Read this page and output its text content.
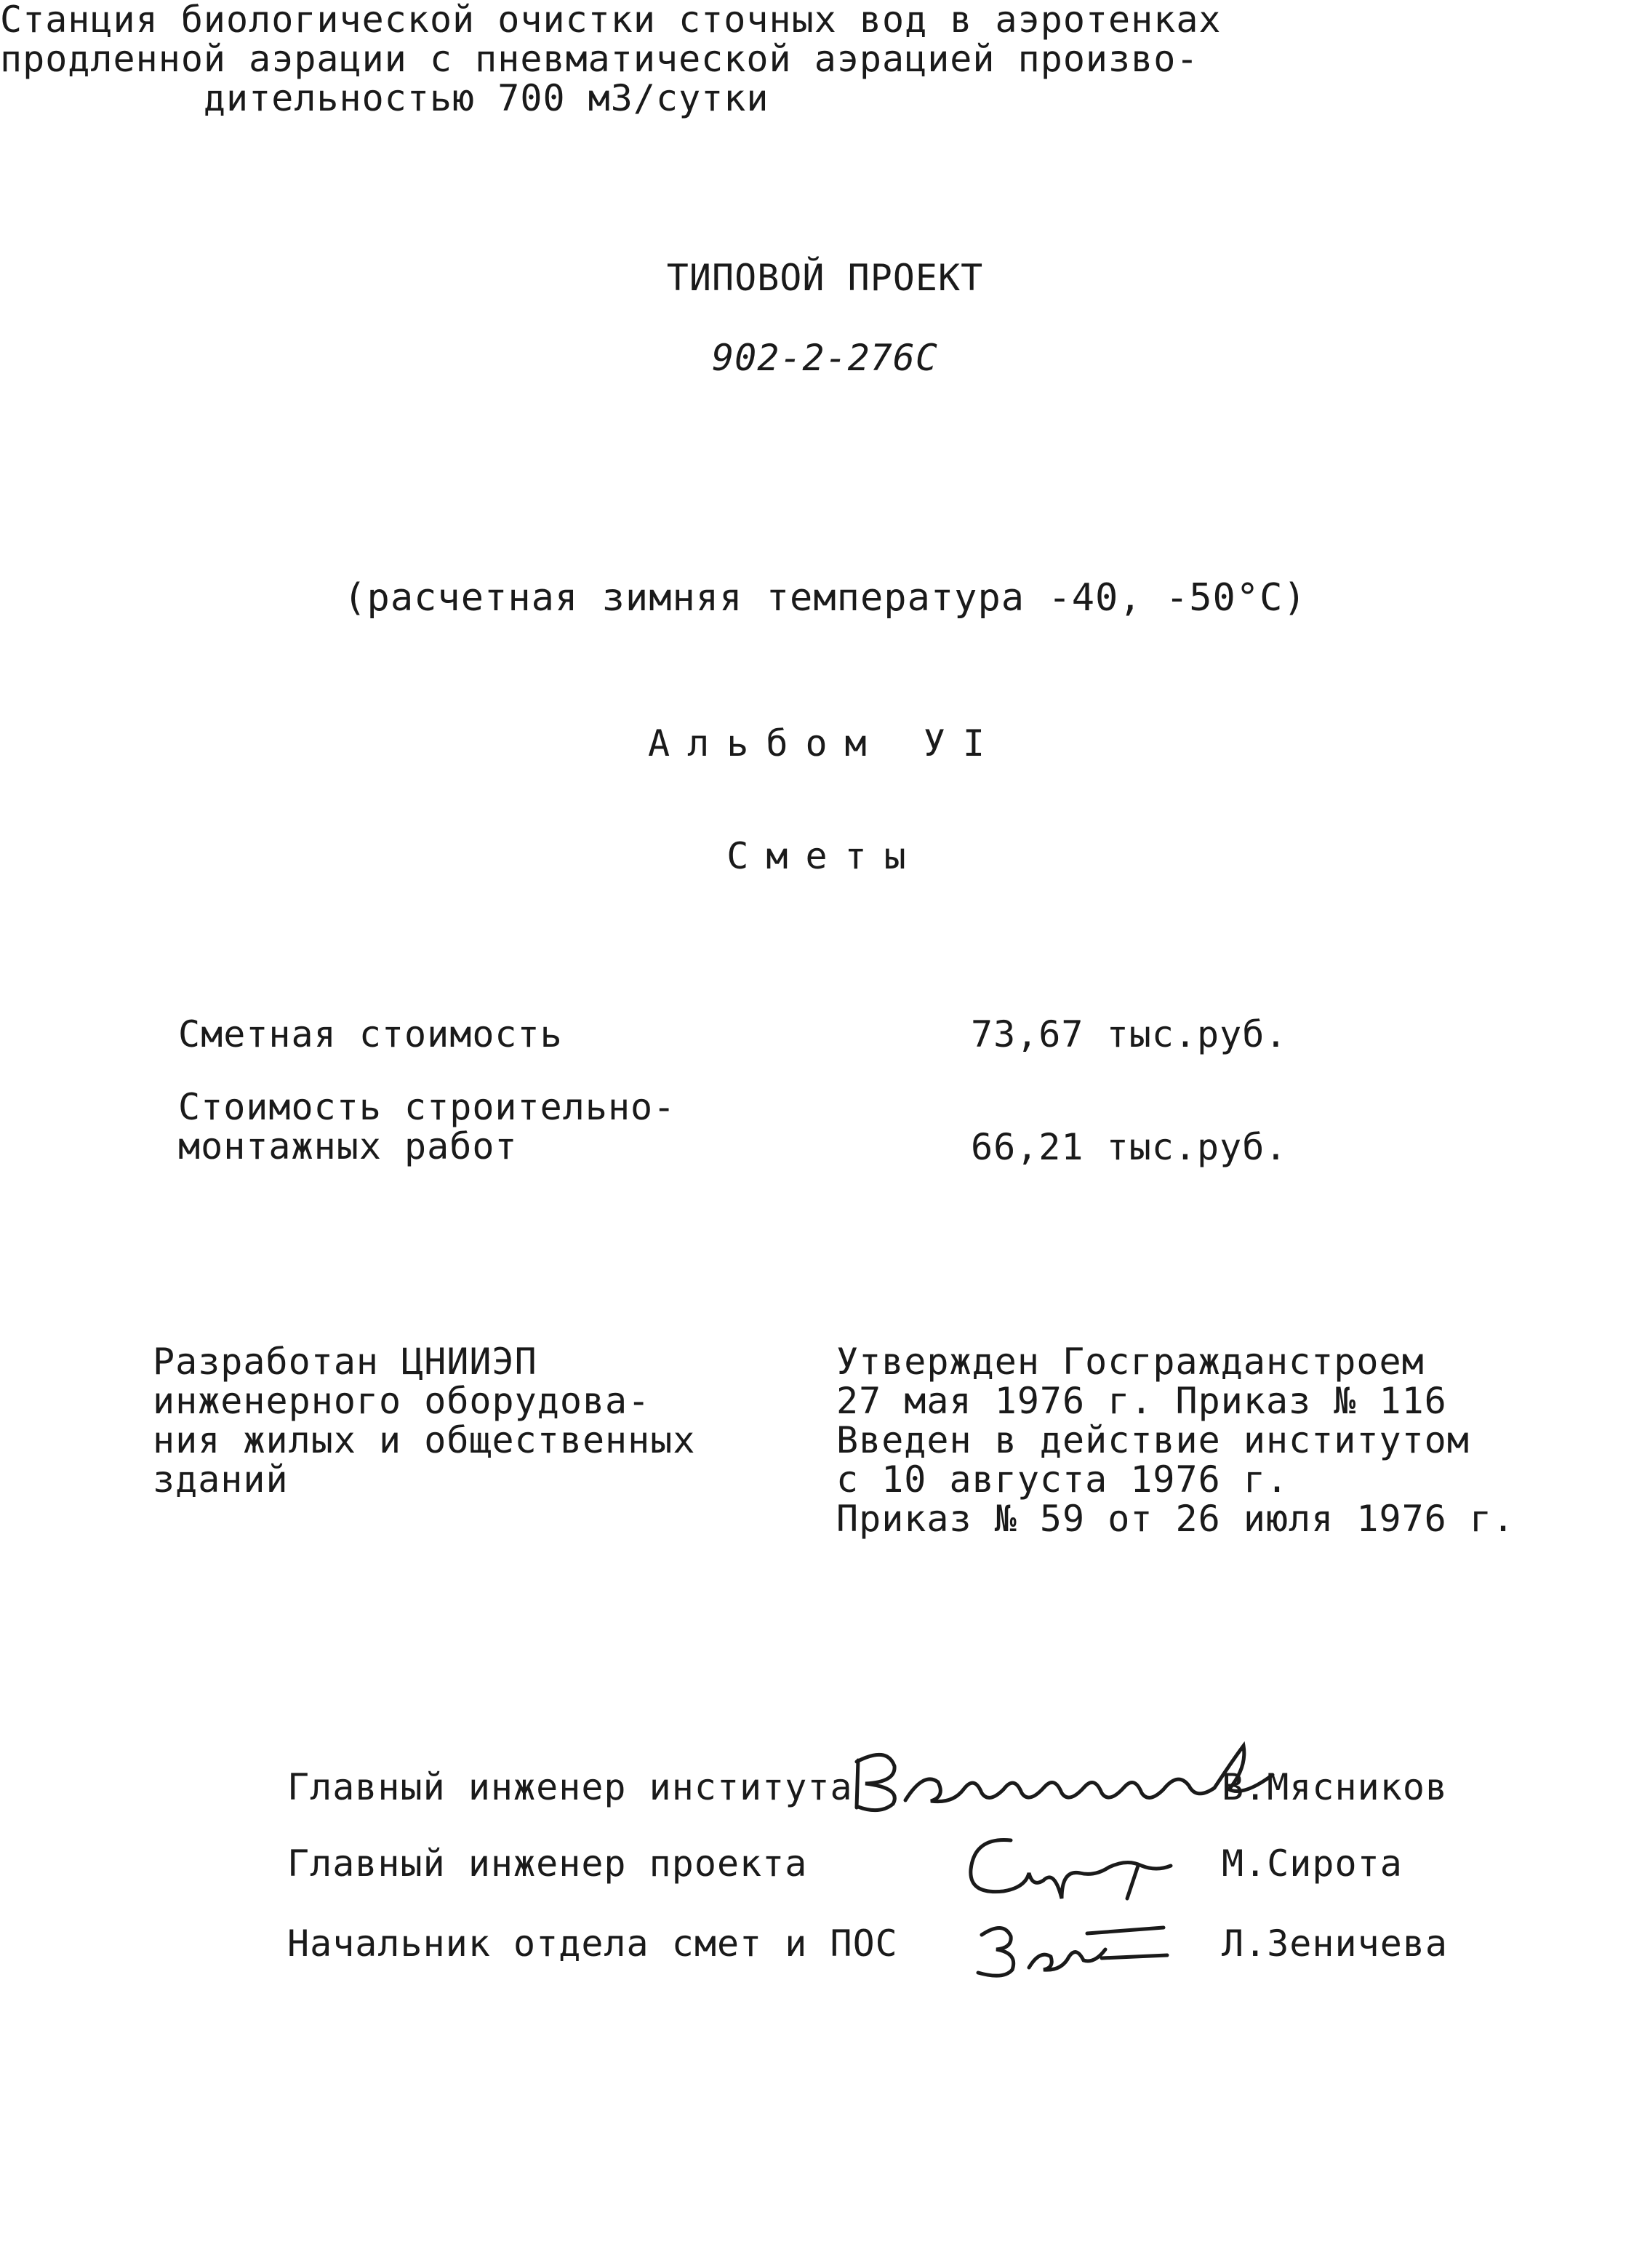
ТИПОВОЙ ПРОЕКТ
902-2-276С
Станция биологической очистки сточных вод в аэротенках
продленной аэрации с пневматической аэрацией произво-
дительностью 700 м3/сутки
(расчетная зимняя температура -40, -50°С)
Альбом УI
Сметы
Сметная стоимость	73,67 тыс.руб.
Стоимость строительно-
монтажных работ	66,21 тыс.руб.
Разработан ЦНИИЭП
инженерного оборудова-
ния жилых и общественных
зданий
Утвержден Госгражданстроем
27 мая 1976 г. Приказ № 116
Введен в действие институтом
с 10 августа 1976 г.
Приказ № 59 от 26 июля 1976 г.
Главный инженер института	В.Мясников
Главный инженер проекта	М.Сирота
Начальник отдела смет и ПОС	Л.Зеничева
